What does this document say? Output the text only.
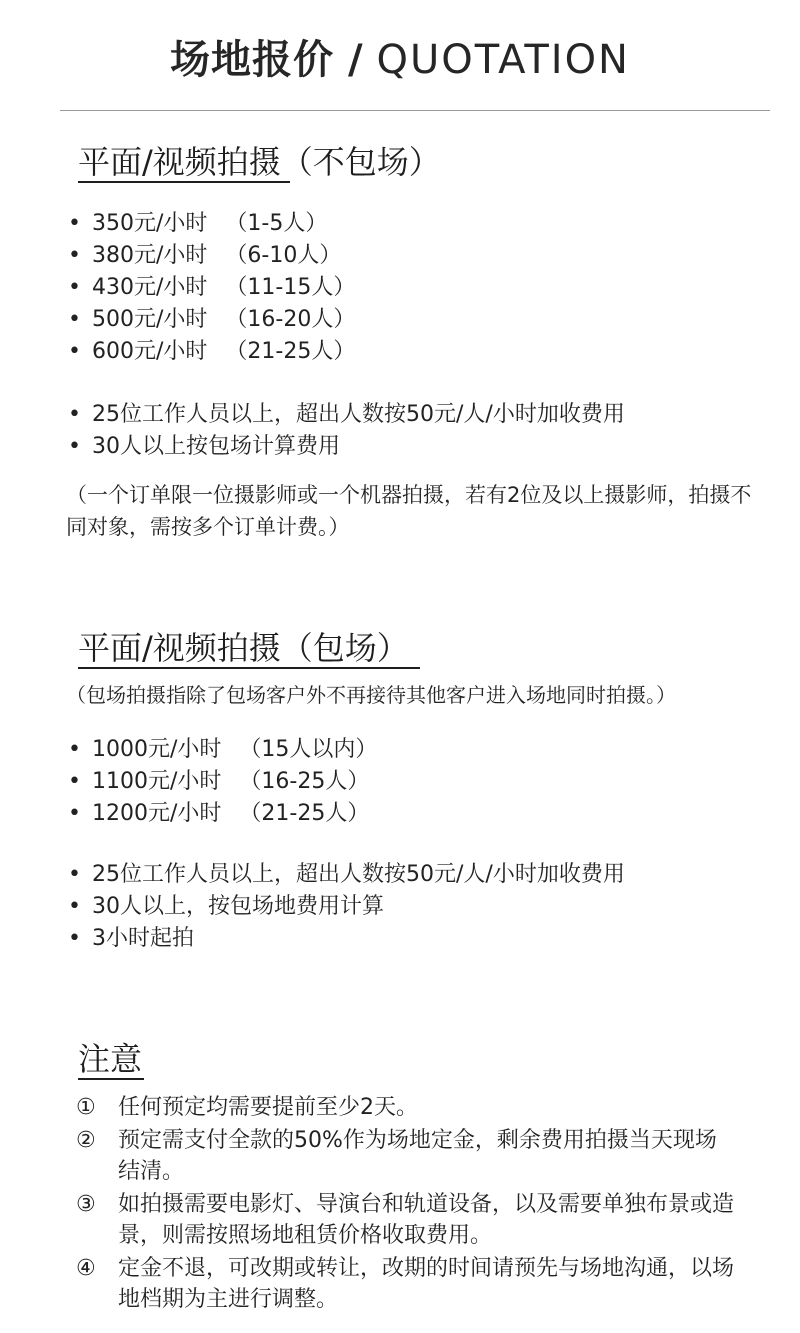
场地报价 / QUOTATION
平面/视频拍摄（不包场）
• 350元/小时 （1-5人）
• 380元/小时 （6-10人）
• 430元/小时 （11-15人）
• 500元/小时 （16-20人）
• 600元/小时 （21-25人）
• 25位工作人员以上，超出人数按50元/人/小时加收费用
• 30人以上按包场计算费用
（一个订单限一位摄影师或一个机器拍摄，若有2位及以上摄影师，拍摄不同对象，需按多个订单计费。）
平面/视频拍摄（包场）
（包场拍摄指除了包场客户外不再接待其他客户进入场地同时拍摄。）
• 1000元/小时 （15人以内）
• 1100元/小时 （16-25人）
• 1200元/小时 （21-25人）
• 25位工作人员以上，超出人数按50元/人/小时加收费用
• 30人以上，按包场地费用计算
• 3小时起拍
注意
① 任何预定均需要提前至少2天。
② 预定需支付全款的50%作为场地定金，剩余费用拍摄当天现场结清。
③ 如拍摄需要电影灯、导演台和轨道设备，以及需要单独布景或造景，则需按照场地租赁价格收取费用。
④ 定金不退，可改期或转让，改期的时间请预先与场地沟通，以场地档期为主进行调整。
